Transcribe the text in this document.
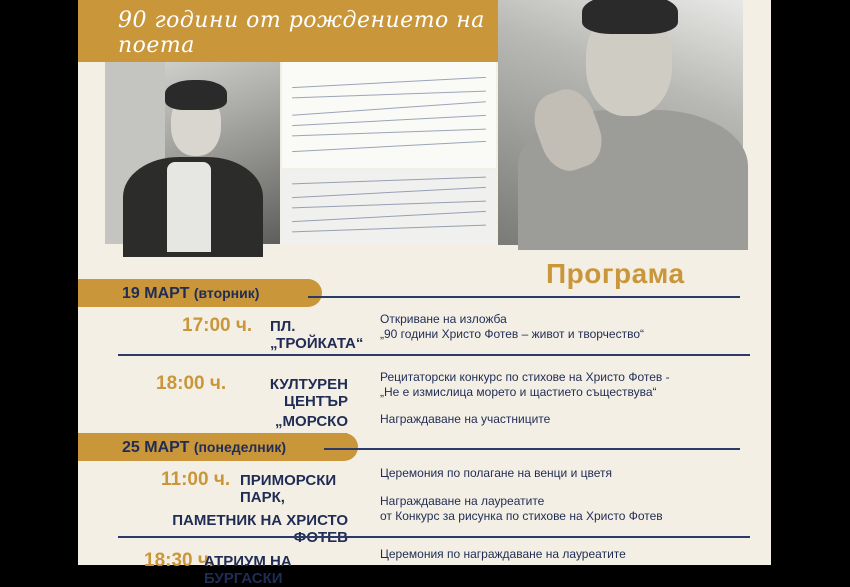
90 години от рождението на поета
Програма
19 МАРТ (вторник)
17:00 ч. ПЛ. „ТРОЙКАТА“
Откриване на изложба
„90 години Христо Фотев – живот и творчество“
18:00 ч.	КУЛТУРЕН ЦЕНТЪР
„МОРСКО
Рецитаторски конкурс по стихове на Христо Фотев -
„Не е измислица морето и щастието съществува“
Награждаване на участниците
25 МАРТ (понеделник)
11:00 ч. ПРИМОРСКИ ПАРК,
ПАМЕТНИК НА ХРИСТО
Церемония по полагане на венци и цветя
Награждаване на лауреатите
от Конкурс за рисунка по стихове на Христо Фотев
18:30 ч.
АТРИУМ НА БУРГАСКИ
Церемония по награждаване на лауреатите
